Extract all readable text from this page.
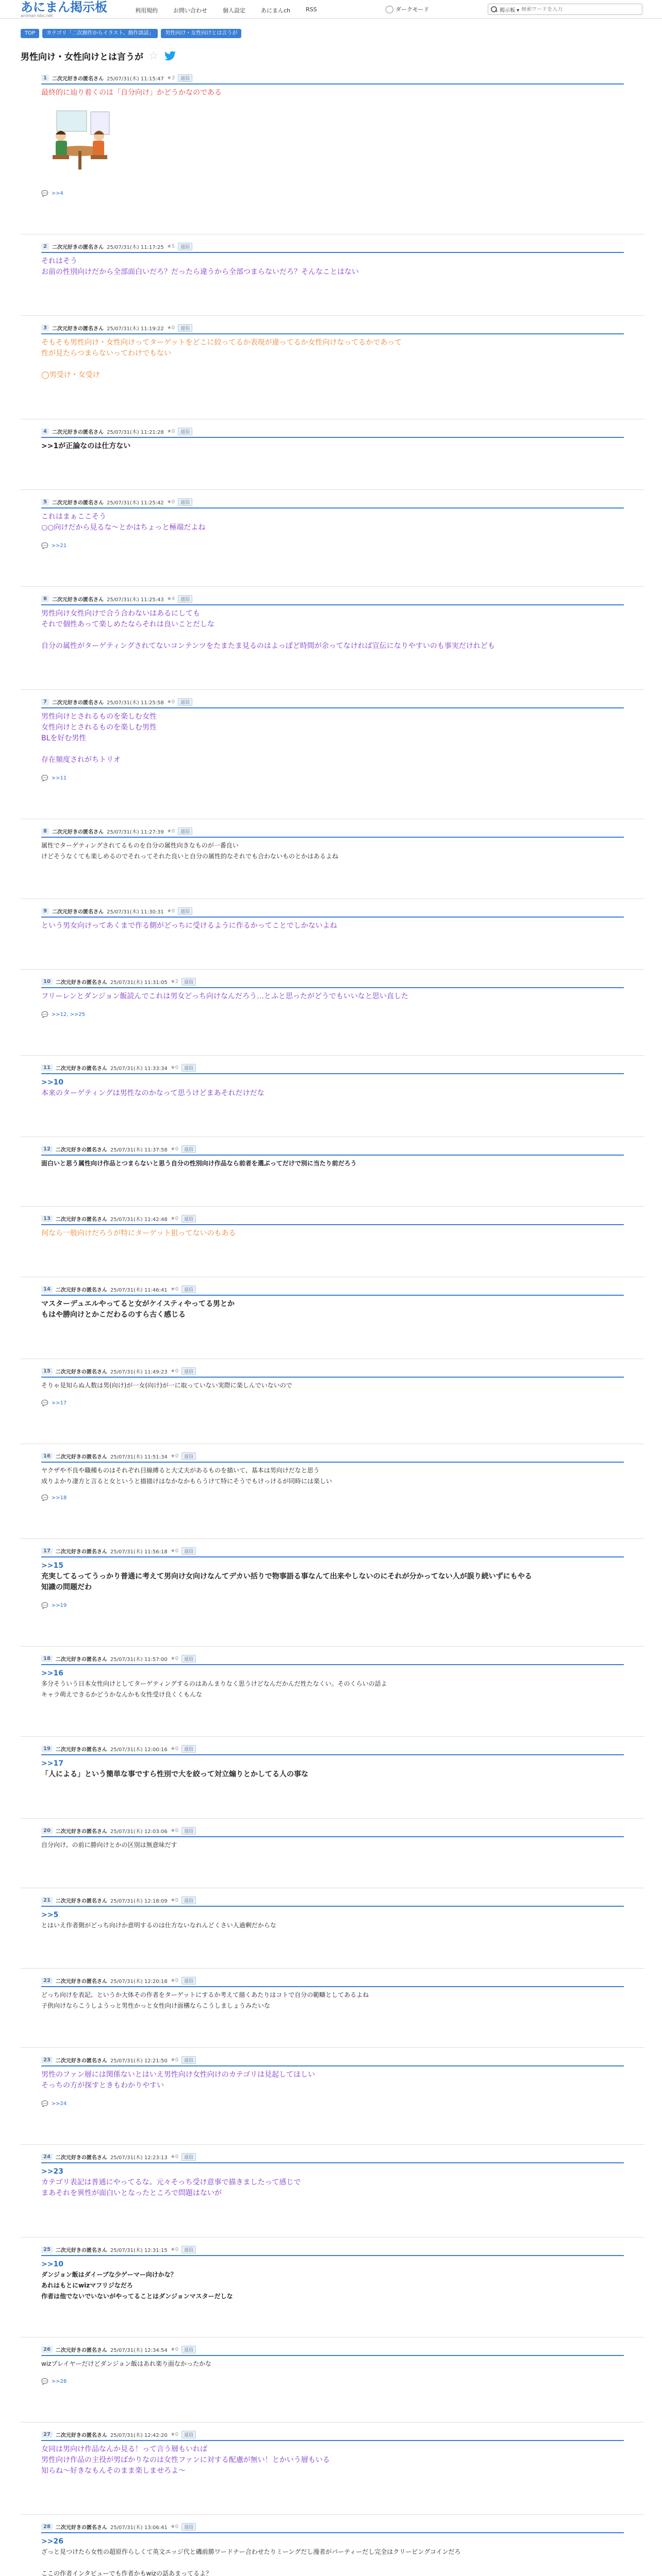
あにまん掲示板
animan bbs.net
利用規約	お問い合わせ	個人設定	あにまんch	RSS	ダークモード	掲示板 ▾
検索ワードを入力
TOP	カテゴリ「二次創作からイラスト、創作談話」	男性向け・女性向けとは言うが
男性向け・女性向けとは言うが ☆
1	二次元好きの匿名さん 25/07/31(木) 11:15:47 ★3	返信

最終的に辿り着くのは「自分向け」かどうかなのである

💬 >>4
2	二次元好きの匿名さん 25/07/31(木) 11:17:25 ★5	返信

それはそう

お前の性別向けだから全部面白いだろ？だったら違うから全部つまらないだろ？そんなことはない

3	二次元好きの匿名さん 25/07/31(木) 11:19:22 ★0	返信

そもそも男性向け・女性向けってターゲットをどこに絞ってるか表現が違ってるか女性向けなってるかであって

性が見たらつまらないってわけでもない

◯男受け・女受け

4	二次元好きの匿名さん 25/07/31(木) 11:21:28 ★0	返信

>>1が正論なのは仕方ない

5	二次元好きの匿名さん 25/07/31(木) 11:25:42 ★0	返信

これはまぁここそう

○○向けだから見るな～とかはちょっと極端だよね

💬 >>21
6	二次元好きの匿名さん 25/07/31(木) 11:25:43 ★4	返信

男性向け女性向けで合う合わないはあるにしても

それで個性あって楽しめたならそれは良いことだしな

自分の属性がターゲティングされてないコンテンツをたまたま見るのはよっぽど時間が余ってなければ宣伝になりやすいのも事実だけれども

7	二次元好きの匿名さん 25/07/31(木) 11:25:58 ★0	返信

男性向けとされるものを楽しむ女性

女性向けとされるものを楽しむ男性

BLを好む男性

存在頻度されがちトリオ

💬 >>11
8	二次元好きの匿名さん 25/07/31(木) 11:27:39 ★0	返信

属性でターゲティングされてるものを自分の属性向きなものが一番良い

けどそうなくても楽しめるのでそれってそれた良いと自分の属性的なそれでも合わないものとかはあるよね

9	二次元好きの匿名さん 25/07/31(木) 11:30:31 ★0	返信

という男女向けってあくまで作る側がどっちに受けるように作るかってことでしかないよね

10	二次元好きの匿名さん 25/07/31(木) 11:31:05 ★2	返信

フリーレンとダンジョン飯読んでこれは男女どっち向けなんだろう…とふと思ったがどうでもいいなと思い直した

💬 >>12, >>25
11	二次元好きの匿名さん 25/07/31(木) 11:33:34 ★0	返信

>>10

本来のターゲティングは男性なのかなって思うけどまあそれだけだな

12	二次元好きの匿名さん 25/07/31(木) 11:37:58 ★0	返信

面白いと思う属性向け作品とつまらないと思う自分の性別向け作品なら前者を選ぶってだけで別に当たり前だろう

13	二次元好きの匿名さん 25/07/31(木) 11:42:48 ★0	返信

何なら一般向けだろうが特にターゲット狙ってないのもある

14	二次元好きの匿名さん 25/07/31(木) 11:46:41 ★0	返信

マスターデュエルやってると女がケイスティやってる男とか

もはや勝向けとかこだわるのすら古く感じる

15	二次元好きの匿名さん 25/07/31(木) 11:49:23 ★0	返信

そりゃ見知らぬ人数は男(向け)が一女(向け)が一に取っていない実際に楽しんでいないので

💬 >>17
16	二次元好きの匿名さん 25/07/31(木) 11:51:34 ★0	返信

ヤクザや不良や職種ものはそれぞれ目線縛ると大丈夫があるものを描いて、基本は男向けだなと思う

成りよかり凄方と言ると女というと描描けはなかなかもらうけて特にそうでもけっけるが同時には楽しい

💬 >>18
17	二次元好きの匿名さん 25/07/31(木) 11:56:18 ★0	返信

>>15

充実してるってうっかり普通に考えて男向け女向けなんてデカい括りで物事語る事なんて出来やしないのにそれが分かってない人が誤り続いずにもやる

知識の問題だわ

💬 >>19
18	二次元好きの匿名さん 25/07/31(木) 11:57:00 ★0	返信

>>16

多分そういう日本女性向けとしてターゲティングするのはあんまりなく思うけどなんだかんだ性たなくい。そのくらいの話よ

キャラ萌えできるかどうかなんかも女性受け良くくもんな

19	二次元好きの匿名さん 25/07/31(木) 12:00:16 ★0	返信

>>17

「人による」という簡単な事ですら性別で大を絞って対立煽りとかしてる人の事な

20	二次元好きの匿名さん 25/07/31(木) 12:03:06 ★0	返信

自分向け、の前に勝向けとかの区別は無意味だす

21	二次元好きの匿名さん 25/07/31(木) 12:18:09 ★0	返信

>>5

とはいえ作者側がどっち向けか意明するのは仕方ないなれんどくさい人過剰だからな

22	二次元好きの匿名さん 25/07/31(木) 12:20:18 ★0	返信

どっち向けを表記、というか大体その作者をターゲットにするか考えて描くあたりはコトで自分の範疇としてあるよね

子供向けならこうしようっと男性かっと女性向け面構ならこうしましょうみたいな

23	二次元好きの匿名さん 25/07/31(木) 12:21:50 ★0	返信

男性のファン層には関係ないとはいえ男性向け女性向けのカテゴリは見起してほしい

そっちの方が探すときもわかりやすい

💬 >>24
24	二次元好きの匿名さん 25/07/31(木) 12:23:13 ★0	返信

>>23

カテゴリ表記は普通にやってるな。元々そっち受け意事で描きましたって感じで

まあそれを異性が面白いとなったところで問題はないが

25	二次元好きの匿名さん 25/07/31(木) 12:31:15 ★0	返信

>>10

ダンジョン飯はダイーブな少ゲーマー向けかな？

あれはもとにwizマフリジなだろ

作者は他でないでいないがやってることはダンジョンマスターだしな

26	二次元好きの匿名さん 25/07/31(木) 12:34:54 ★0	返信

wizプレイヤーだけどダンジョン飯はあれ楽り面なかったかな

💬 >>28
27	二次元好きの匿名さん 25/07/31(木) 12:42:20 ★0	返信

女同は男向け作品なんか見る！って言う層もいれば

男性向け作品の主役が男ばかりなのは女性ファンに対する配慮が無い！とかいう層もいる

知らね～好きなもんそのまま楽しませろよ～

28	二次元好きの匿名さん 25/07/31(木) 13:06:41 ★0	返信

>>26

ざっと見つけたら女性の超原作らしくて英文エッジ代と磯前勝ワードナー合わせたりミーングだし漫者がパーティーだし完全はクリーピングコインだろ

ここの作者インタビューでも作者かもwizの話あまってるよ？
